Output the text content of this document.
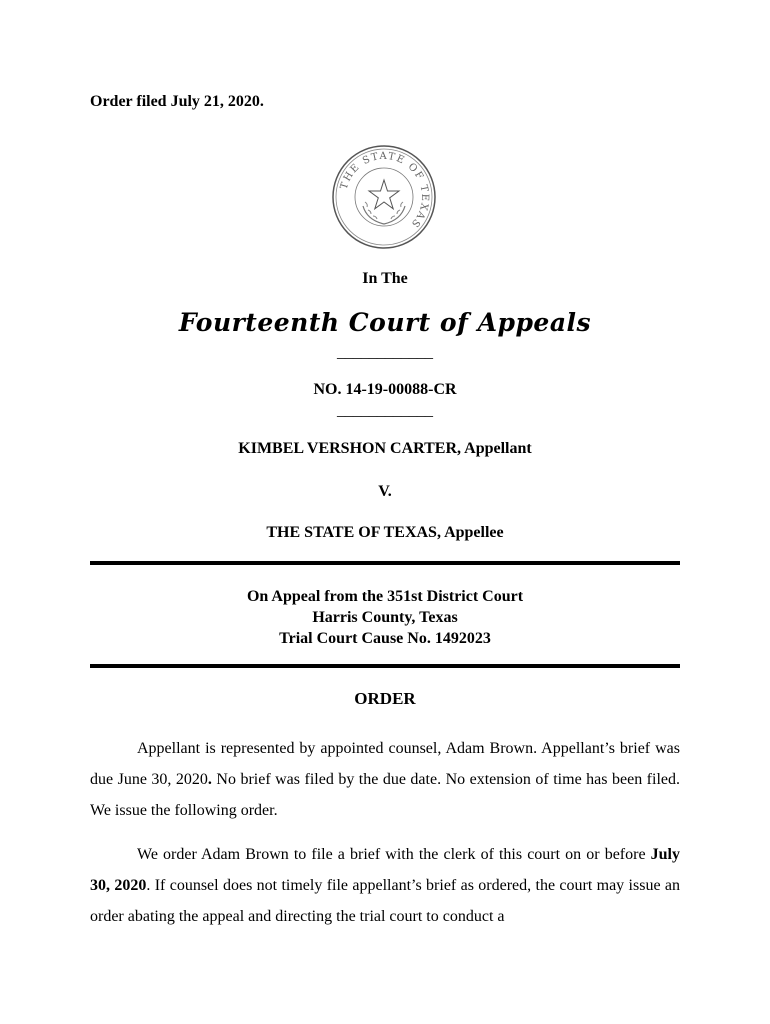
Order filed July 21, 2020.
THE STATE OF TEXAS
In The
Fourteenth Court of Appeals
____________
NO. 14-19-00088-CR
____________
KIMBEL VERSHON CARTER, Appellant
V.
THE STATE OF TEXAS, Appellee
On Appeal from the 351st District Court
Harris County, Texas
Trial Court Cause No. 1492023
ORDER

Appellant is represented by appointed counsel, Adam Brown. Appellant’s brief was due June 30, 2020. No brief was filed by the due date. No extension of time has been filed. We issue the following order.

We order Adam Brown to file a brief with the clerk of this court on or before July 30, 2020. If counsel does not timely file appellant’s brief as ordered, the court may issue an order abating the appeal and directing the trial court to conduct a
